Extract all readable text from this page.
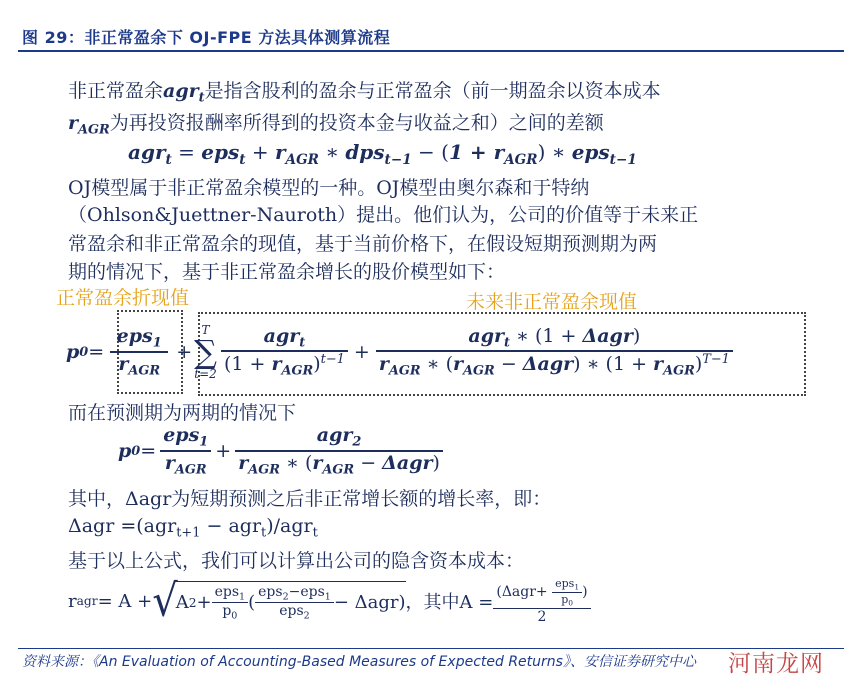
图 29：非正常盈余下 OJ-FPE 方法具体测算流程
非正常盈余agr$_t$是指含股利的盈余与正常盈余（前一期盈余以资本成本
$r_{AGR}$为再投资报酬率所得到的投资本金与收益之和）之间的差额
$agr_t = eps_t + r_{AGR}$ ∗ $dps_{t-1} - (1 + r_{AGR})$ ∗ eps$_{t-1}$
OJ模型属于非正常盈余模型的一种。OJ模型由奥尔森和于特纳
（Ohlson&Juettner-Nauroth）提出。他们认为，公司的价值等于未来正
常盈余和非正常盈余的现值，基于当前价格下，在假设短期预测期为两
期的情况下，基于非正常盈余增长的股价模型如下：
正常盈余折现值	未来非正常盈余现值
p $0 = \frac{eps_1}{r_{AGR}}$ +
T
∑
$t=2 \frac{agr_t}{(1 + r_{AGR})^{t-1}} + \frac{agr_t ∗ (1 + \Delta agr)}{r_{AGR} ∗ (r_{AGR} - \Delta agr) ∗ (1 + r_{AGR})^{T-1}}$
而在预测期为两期的情况下
p $0 = \frac{eps_1}{r_{AGR}} + \frac{agr_2}{r_{AGR} ∗ (r_{AGR} - \Delta agr)}$
其中，Δagr为短期预测之后非正常增长额的增长率，即：
Δagr =(agr$_{t+1}$ − agr$_t$)/agr$_t$
基于以上公式，我们可以计算出公司的隐含资本成本：
r agr = A + √
A $2 + \frac{eps_1}{p_0}$ ( $\frac{eps_2-eps_1}{eps_2} - \Delta agr$) ，其中$A = \frac{(\Delta agr+ \frac{eps_1}{p_0} )}{2}$
资料来源：《An Evaluation of Accounting-Based Measures of Expected Returns》、安信证券研究中心 河南龙网
